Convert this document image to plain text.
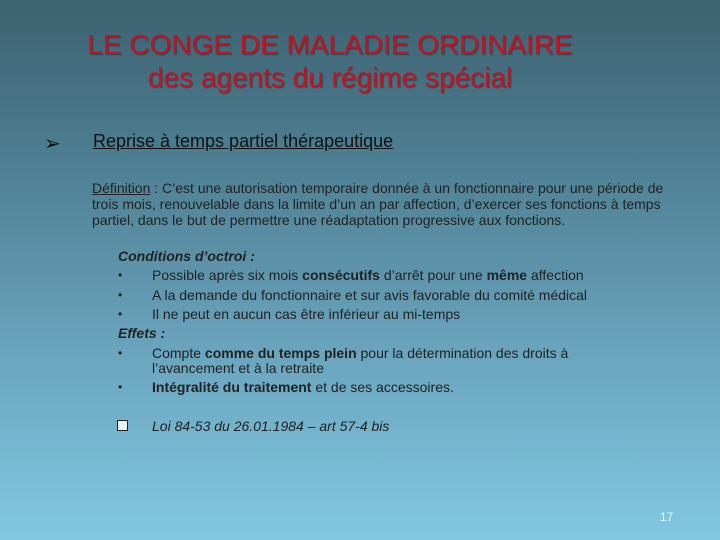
LE CONGE DE MALADIE ORDINAIRE
des agents du régime spécial
➢ Reprise à temps partiel thérapeutique
Définition : C’est une autorisation temporaire donnée à un fonctionnaire pour une période de trois mois, renouvelable dans la limite d’un an par affection, d’exercer ses fonctions à temps partiel, dans le but de permettre une réadaptation progressive aux fonctions.
Conditions d’octroi :
• Possible après six mois consécutifs d’arrêt pour une même affection
• A la demande du fonctionnaire et sur avis favorable du comité médical
• Il ne peut en aucun cas être inférieur au mi-temps
Effets :
• Compte comme du temps plein pour la détermination des droits à
l’avancement et à la retraite
• Intégralité du traitement et de ses accessoires.
Loi 84-53 du 26.01.1984 – art 57-4 bis
17
